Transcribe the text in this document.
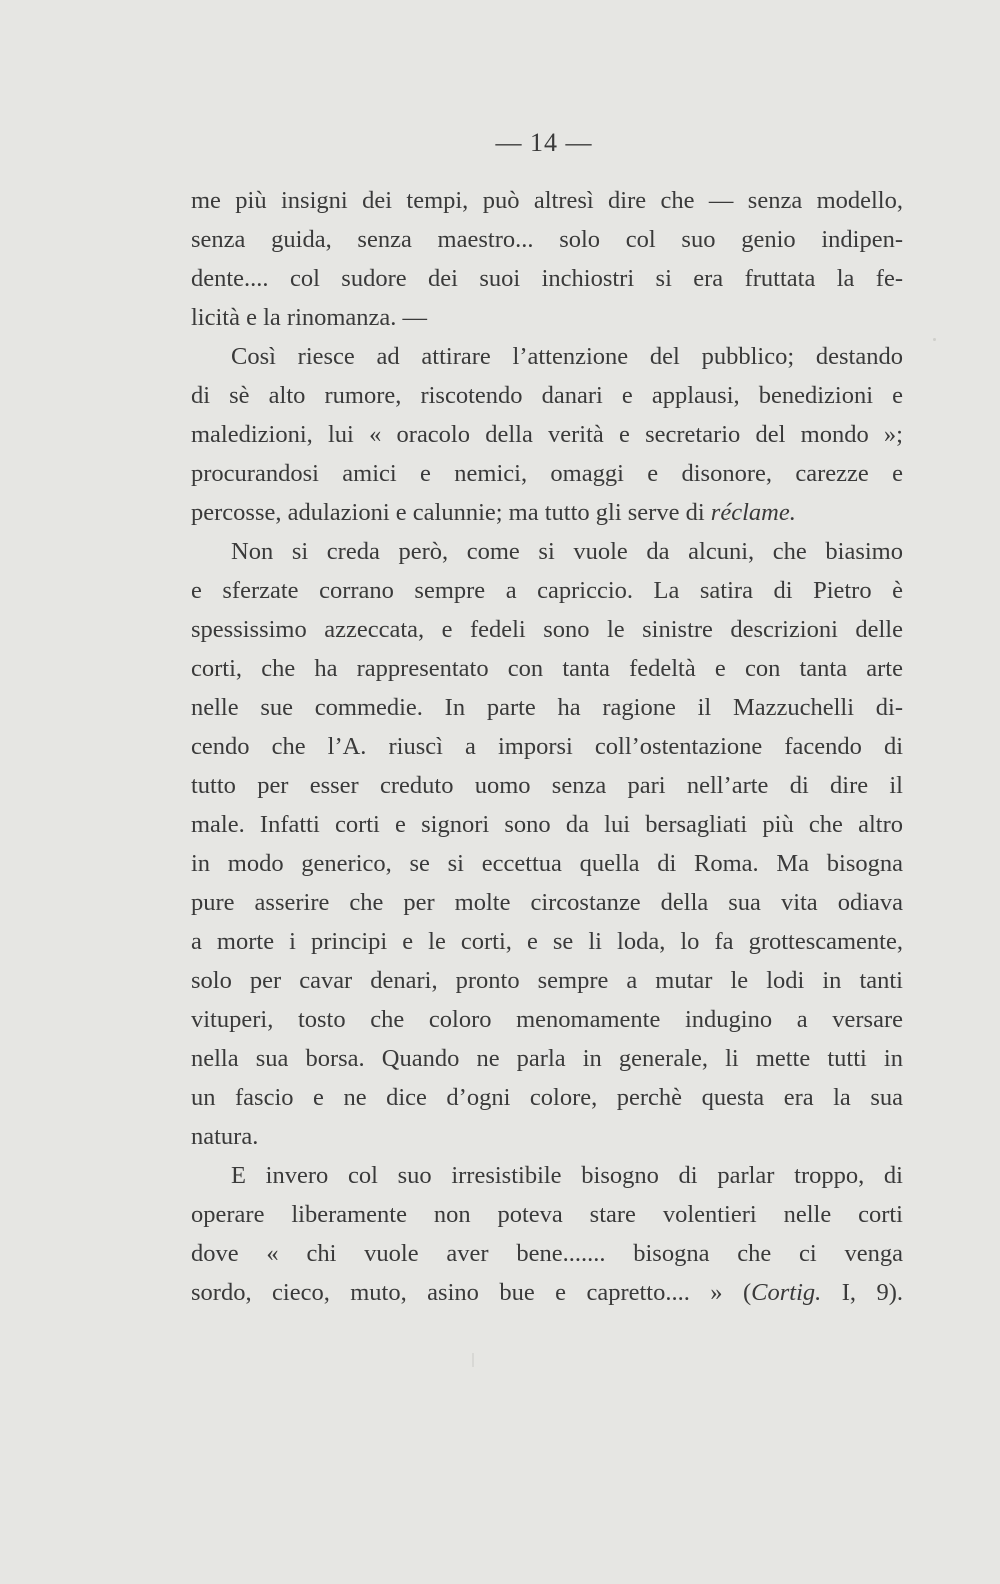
— 14 —
me più insigni dei tempi, può altresì dire che — senza modello,
senza guida, senza maestro... solo col suo genio indipen-
dente.... col sudore dei suoi inchiostri si era fruttata la fe-
licità e la rinomanza. —
Così riesce ad attirare l’attenzione del pubblico; destando
di sè alto rumore, riscotendo danari e applausi, benedizioni e
maledizioni, lui « oracolo della verità e secretario del mondo »;
procurandosi amici e nemici, omaggi e disonore, carezze e
percosse, adulazioni e calunnie; ma tutto gli serve di réclame.
Non si creda però, come si vuole da alcuni, che biasimo
e sferzate corrano sempre a capriccio. La satira di Pietro è
spessissimo azzeccata, e fedeli sono le sinistre descrizioni delle
corti, che ha rappresentato con tanta fedeltà e con tanta arte
nelle sue commedie. In parte ha ragione il Mazzuchelli di-
cendo che l’A. riuscì a imporsi coll’ostentazione facendo di
tutto per esser creduto uomo senza pari nell’arte di dire il
male. Infatti corti e signori sono da lui bersagliati più che altro
in modo generico, se si eccettua quella di Roma. Ma bisogna
pure asserire che per molte circostanze della sua vita odiava
a morte i principi e le corti, e se li loda, lo fa grottescamente,
solo per cavar denari, pronto sempre a mutar le lodi in tanti
vituperi, tosto che coloro menomamente indugino a versare
nella sua borsa. Quando ne parla in generale, li mette tutti in
un fascio e ne dice d’ogni colore, perchè questa era la sua
natura.
E invero col suo irresistibile bisogno di parlar troppo, di
operare liberamente non poteva stare volentieri nelle corti
dove « chi vuole aver bene....... bisogna che ci venga
sordo, cieco, muto, asino bue e capretto.... » (Cortig. I, 9).
